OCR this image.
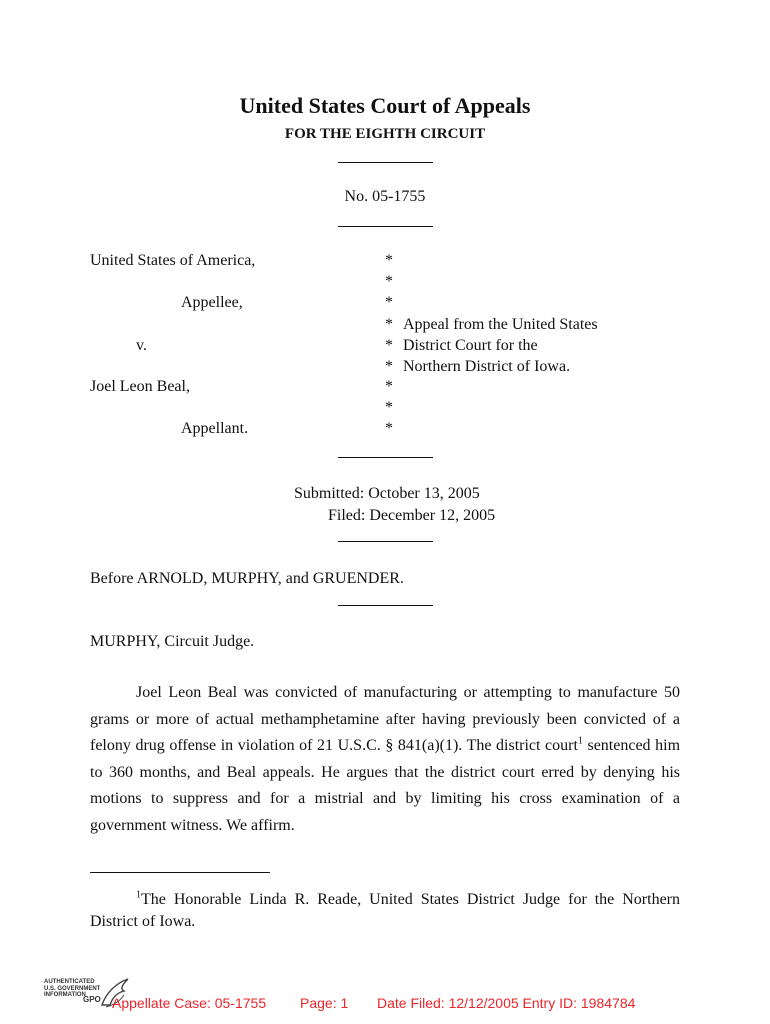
United States Court of Appeals
FOR THE EIGHTH CIRCUIT
No. 05-1755
United States of America,
Appellee,
v.
Joel Leon Beal,
Appellant.
*
*
*
*
*
*
*
*
*
Appeal from the United States
District Court for the
Northern District of Iowa.
Submitted: October 13, 2005
Filed: December 12, 2005
Before ARNOLD, MURPHY, and GRUENDER.
MURPHY, Circuit Judge.
Joel Leon Beal was convicted of manufacturing or attempting to manufacture 50 grams or more of actual methamphetamine after having previously been convicted of a felony drug offense in violation of 21 U.S.C. § 841(a)(1). The district court$^1$ sentenced him to 360 months, and Beal appeals. He argues that the district court erred by denying his motions to suppress and for a mistrial and by limiting his cross examination of a government witness. We affirm.
$^1$The Honorable Linda R. Reade, United States District Judge for the Northern District of Iowa.
AUTHENTICATED
U.S. GOVERNMENT
INFORMATION
GPO Appellate Case: 05-1755 Page: 1 Date Filed: 12/12/2005 Entry ID: 1984784
